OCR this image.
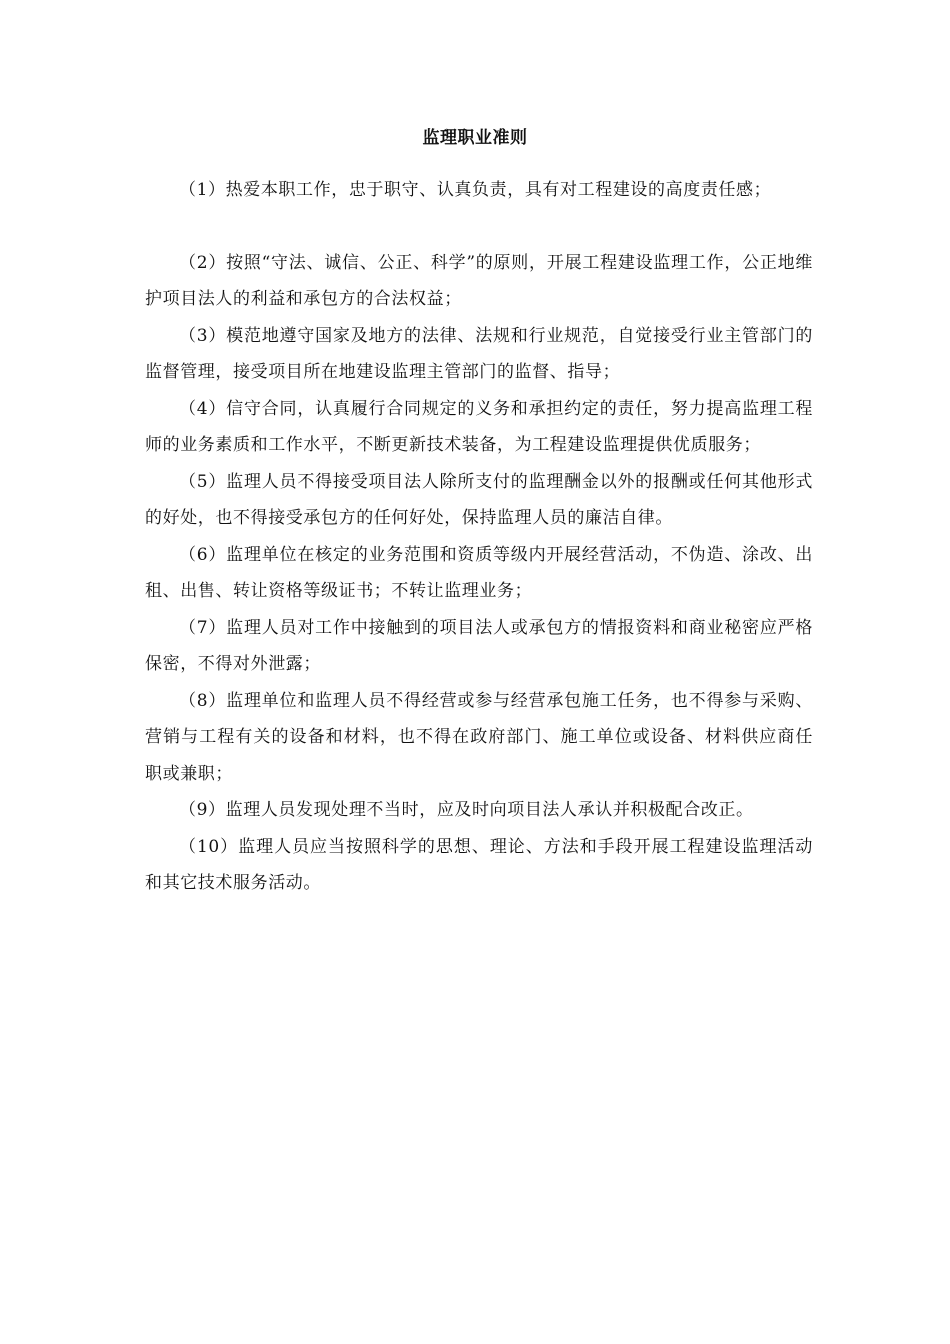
监理职业准则

（1）热爱本职工作，忠于职守、认真负责，具有对工程建设的高度责任感；

（2）按照“守法、诚信、公正、科学”的原则，开展工程建设监理工作，公正地维护项目法人的利益和承包方的合法权益；

（3）模范地遵守国家及地方的法律、法规和行业规范，自觉接受行业主管部门的监督管理，接受项目所在地建设监理主管部门的监督、指导；

（4）信守合同，认真履行合同规定的义务和承担约定的责任，努力提高监理工程师的业务素质和工作水平，不断更新技术装备，为工程建设监理提供优质服务；

（5）监理人员不得接受项目法人除所支付的监理酬金以外的报酬或任何其他形式的好处，也不得接受承包方的任何好处，保持监理人员的廉洁自律。

（6）监理单位在核定的业务范围和资质等级内开展经营活动，不伪造、涂改、出租、出售、转让资格等级证书；不转让监理业务；

（7）监理人员对工作中接触到的项目法人或承包方的情报资料和商业秘密应严格保密，不得对外泄露；

（8）监理单位和监理人员不得经营或参与经营承包施工任务，也不得参与采购、营销与工程有关的设备和材料，也不得在政府部门、施工单位或设备、材料供应商任职或兼职；

（9）监理人员发现处理不当时，应及时向项目法人承认并积极配合改正。

（10）监理人员应当按照科学的思想、理论、方法和手段开展工程建设监理活动和其它技术服务活动。
